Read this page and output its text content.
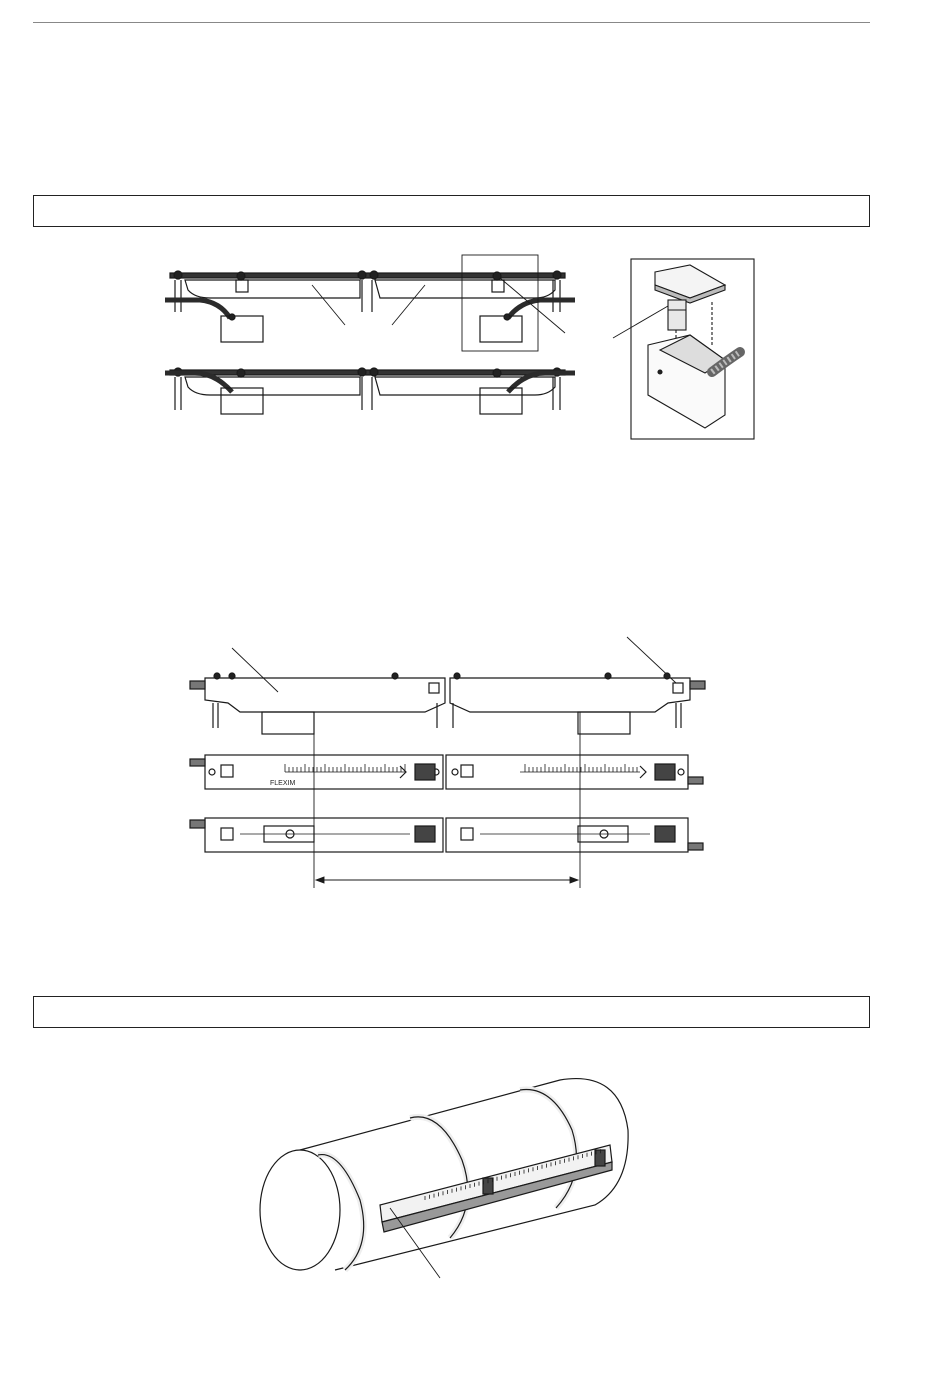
FLEXIM
